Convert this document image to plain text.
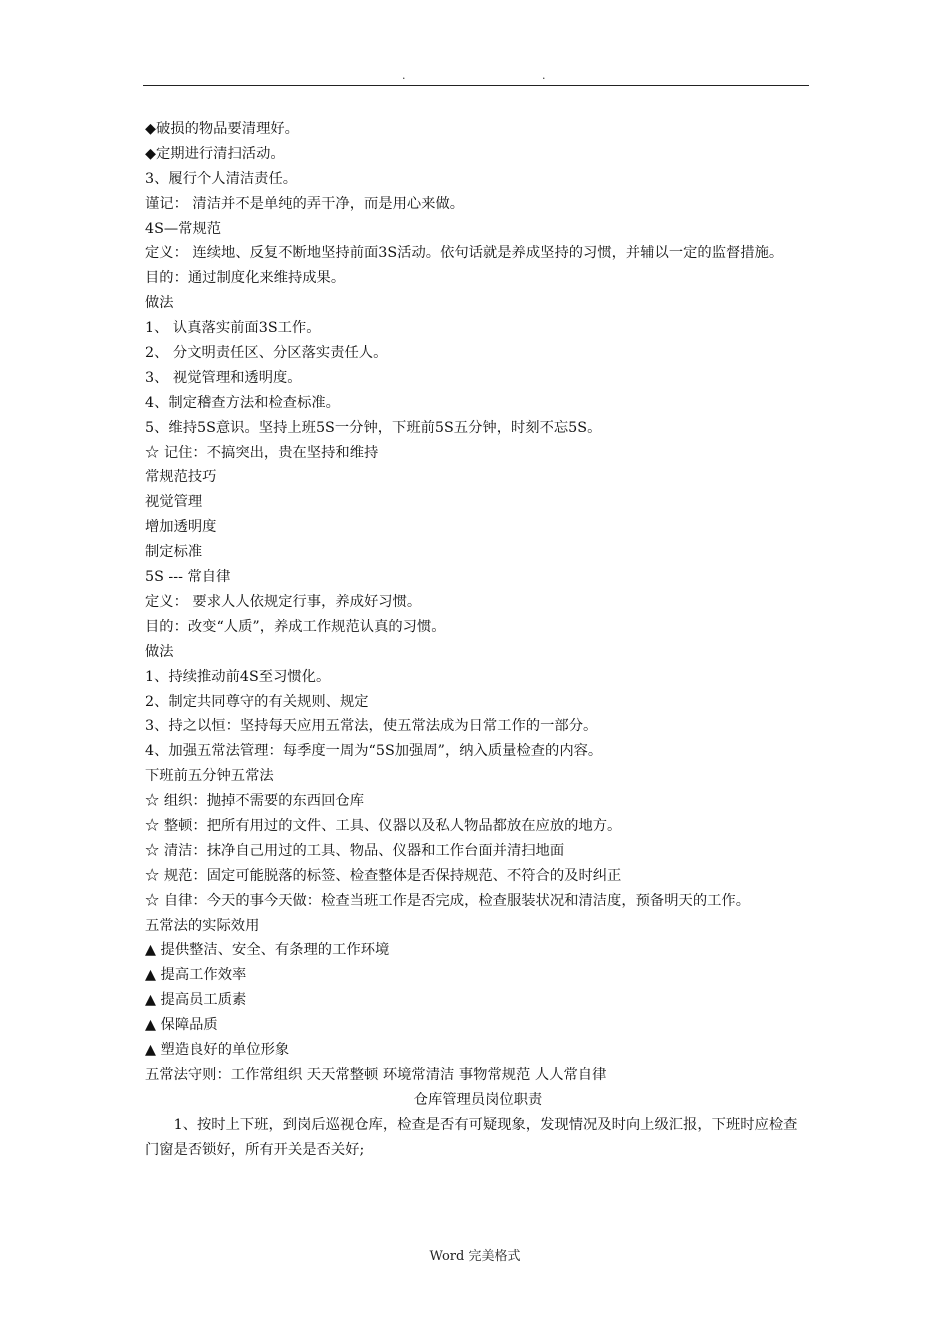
.	.
◆破损的物品要清理好。
◆定期进行清扫活动。
3、履行个人清洁责任。
谨记： 清洁并不是单纯的弄干净，而是用心来做。
4S—常规范
定义： 连续地、反复不断地坚持前面3S活动。依句话就是养成坚持的习惯，并辅以一定的监督措施。
目的：通过制度化来维持成果。
做法
1、 认真落实前面3S工作。
2、 分文明责任区、分区落实责任人。
3、 视觉管理和透明度。
4、制定稽查方法和检查标准。
5、维持5S意识。坚持上班5S一分钟，下班前5S五分钟，时刻不忘5S。
☆ 记住：不搞突出，贵在坚持和维持
常规范技巧
视觉管理
增加透明度
制定标准
5S --- 常自律
定义： 要求人人依规定行事，养成好习惯。
目的：改变“人质”，养成工作规范认真的习惯。
做法
1、持续推动前4S至习惯化。
2、制定共同尊守的有关规则、规定
3、持之以恒：坚持每天应用五常法，使五常法成为日常工作的一部分。
4、加强五常法管理：每季度一周为“5S加强周”，纳入质量检查的内容。
下班前五分钟五常法
☆ 组织：抛掉不需要的东西回仓库
☆ 整顿：把所有用过的文件、工具、仪器以及私人物品都放在应放的地方。
☆ 清洁：抹净自己用过的工具、物品、仪器和工作台面并清扫地面
☆ 规范：固定可能脱落的标签、检查整体是否保持规范、不符合的及时纠正
☆ 自律：今天的事今天做：检查当班工作是否完成，检查服装状况和清洁度，预备明天的工作。
五常法的实际效用
▲ 提供整洁、安全、有条理的工作环境
▲ 提高工作效率
▲ 提高员工质素
▲ 保障品质
▲ 塑造良好的单位形象
五常法守则：工作常组织 天天常整顿 环境常清洁 事物常规范 人人常自律
仓库管理员岗位职责
1、按时上下班，到岗后巡视仓库，检查是否有可疑现象，发现情况及时向上级汇报，下班时应检查门窗是否锁好，所有开关是否关好;
Word 完美格式
